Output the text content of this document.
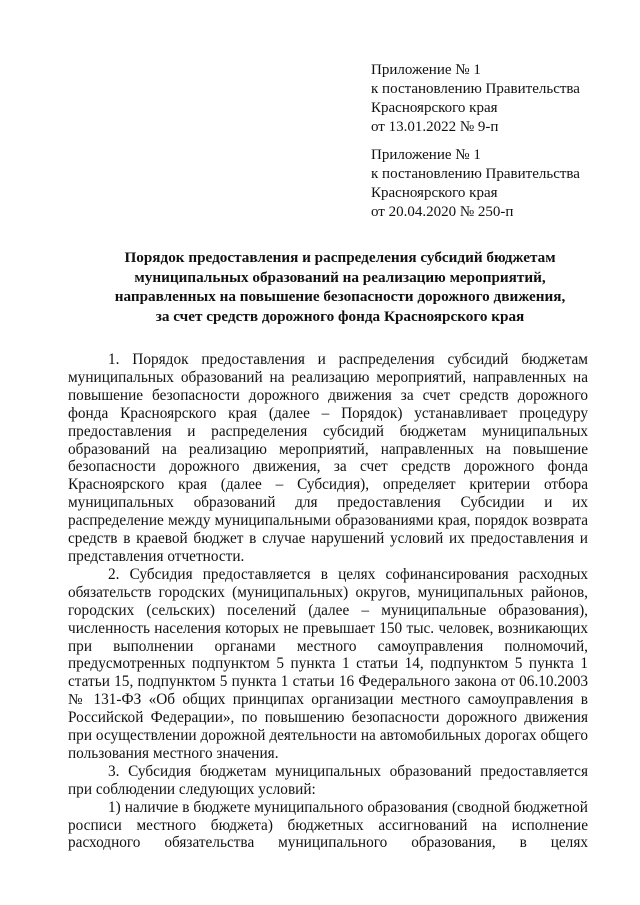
Приложение № 1
к постановлению Правительства
Красноярского края
от 13.01.2022 № 9-п
Приложение № 1
к постановлению Правительства
Красноярского края
от 20.04.2020 № 250-п
Порядок предоставления и распределения субсидий бюджетам
муниципальных образований на реализацию мероприятий,
направленных на повышение безопасности дорожного движения,
за счет средств дорожного фонда Красноярского края

1. Порядок предоставления и распределения субсидий бюджетам муниципальных образований на реализацию мероприятий, направленных на повышение безопасности дорожного движения за счет средств дорожного фонда Красноярского края (далее – Порядок) устанавливает процедуру предоставления и распределения субсидий бюджетам муниципальных образований на реализацию мероприятий, направленных на повышение безопасности дорожного движения, за счет средств дорожного фонда Красноярского края (далее – Субсидия), определяет критерии отбора муниципальных образований для предоставления Субсидии и их распределение между муниципальными образованиями края, порядок возврата средств в краевой бюджет в случае нарушений условий их предоставления и представления отчетности.

2. Субсидия предоставляется в целях софинансирования расходных обязательств городских (муниципальных) округов, муниципальных районов, городских (сельских) поселений (далее – муниципальные образования), численность населения которых не превышает 150 тыс. человек, возникающих при выполнении органами местного самоуправления полномочий, предусмотренных подпунктом 5 пункта 1 статьи 14, подпунктом 5 пункта 1 статьи 15, подпунктом 5 пункта 1 статьи 16 Федерального закона от 06.10.2003 № 131-ФЗ «Об общих принципах организации местного самоуправления в Российской Федерации», по повышению безопасности дорожного движения при осуществлении дорожной деятельности на автомобильных дорогах общего пользования местного значения.

3. Субсидия бюджетам муниципальных образований предоставляется при соблюдении следующих условий:

1) наличие в бюджете муниципального образования (сводной бюджетной росписи местного бюджета) бюджетных ассигнований на исполнение расходного обязательства муниципального образования, в целях
